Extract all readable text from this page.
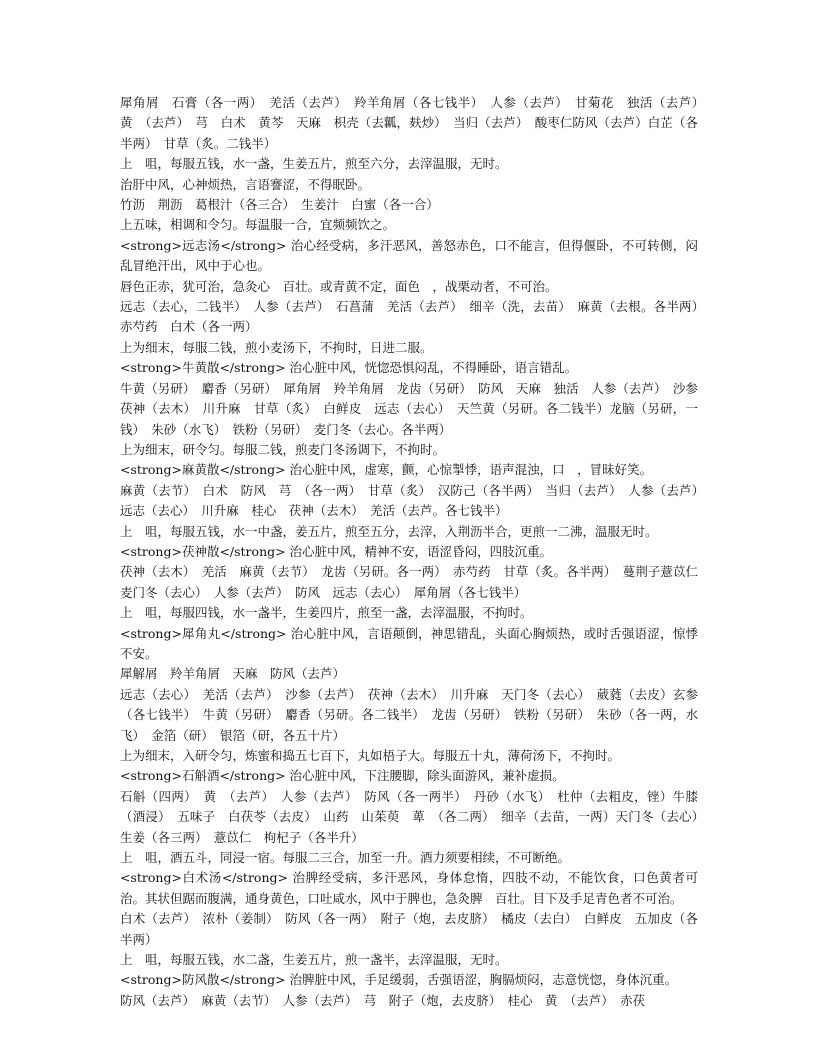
犀角屑　石膏（各一两）　羌活（去芦）　羚羊角屑（各七钱半）　人参（去芦）　甘菊花　独活（去芦）　黄　（去芦）　芎　白术　黄芩　天麻　枳壳（去瓤，麸炒）　当归（去芦）　酸枣仁防风（去芦）白芷（各半两）　甘草（炙。二钱半）

上　咀，每服五钱，水一盏，生姜五片，煎至六分，去滓温服，无时。

治肝中风，心神烦热，言语謇涩，不得眠卧。

竹沥　荆沥　葛根汁（各三合）　生姜汁　白蜜（各一合）

上五味，相调和令匀。每温服一合，宜频频饮之。

<strong>远志汤</strong> 治心经受病，多汗恶风，善怒赤色，口不能言，但得偃卧，不可转侧，闷乱冒绝汗出，风中于心也。

唇色正赤，犹可治，急灸心　百壮。或青黄不定，面色　，战栗动者，不可治。

远志（去心，二钱半）　人参（去芦）　石菖蒲　羌活（去芦）　细辛（洗，去苗）　麻黄（去根。各半两）　赤芍药　白术（各一两）

上为细末，每服二钱，煎小麦汤下，不拘时，日进二服。

<strong>牛黄散</strong> 治心脏中风，恍惚恐惧闷乱，不得睡卧，语言错乱。

牛黄（另研）　麝香（另研）　犀角屑　羚羊角屑　龙齿（另研）　防风　天麻　独活　人参（去芦）　沙参　茯神（去木）　川升麻　甘草（炙）　白鲜皮　远志（去心）　天竺黄（另研。各二钱半）龙脑（另研，一钱）　朱砂（水飞）　铁粉（另研）　麦门冬（去心。各半两）

上为细末，研令匀。每服二钱，煎麦门冬汤调下，不拘时。

<strong>麻黄散</strong> 治心脏中风，虚寒，颤，心惊掣悸，语声混浊，口　，冒昧好笑。

麻黄（去节）　白术　防风　芎　（各一两）　甘草（炙）　汉防己（各半两）　当归（去芦）　人参（去芦）　远志（去心）　川升麻　桂心　茯神（去木）　羌活（去芦。各七钱半）

上　咀，每服五钱，水一中盏，姜五片，煎至五分，去滓，入荆沥半合，更煎一二沸，温服无时。

<strong>茯神散</strong> 治心脏中风，精神不安，语涩昏闷，四肢沉重。

茯神（去木）　羌活　麻黄（去节）　龙齿（另研。各一两）　赤芍药　甘草（炙。各半两）　蔓荆子薏苡仁　麦门冬（去心）　人参（去芦）　防风　远志（去心）　犀角屑（各七钱半）

上　咀，每服四钱，水一盏半，生姜四片，煎至一盏，去滓温服，不拘时。

<strong>犀角丸</strong> 治心脏中风，言语颠倒，神思错乱，头面心胸烦热，或时舌强语涩，惊悸不安。

犀解屑　羚羊角屑　天麻　防风（去芦）

远志（去心）　羌活（去芦）　沙参（去芦）　茯神（去木）　川升麻　天门冬（去心）　葳蕤（去皮）玄参（各七钱半）　牛黄（另研）　麝香（另研。各二钱半）　龙齿（另研）　铁粉（另研）　朱砂（各一两，水飞）　金箔（研）　银箔（研，各五十片）

上为细末，入研令匀，炼蜜和捣五七百下，丸如梧子大。每服五十丸，薄荷汤下，不拘时。

<strong>石斛酒</strong> 治心脏中风，下注腰脚，除头面游风，兼补虚损。

石斛（四两）　黄　（去芦）　人参（去芦）　防风（各一两半）　丹砂（水飞）　杜仲（去粗皮，锉）牛膝（酒浸）　五味子　白茯苓（去皮）　山药　山茱萸　萆　（各二两）　细辛（去苗，一两）天门冬（去心）　生姜（各三两）　薏苡仁　枸杞子（各半升）

上　咀，酒五斗，同浸一宿。每服二三合，加至一升。酒力须要相续，不可断绝。

<strong>白术汤</strong> 治脾经受病，多汗恶风，身体怠惰，四肢不动，不能饮食，口色黄者可治。其状但踞而腹满，通身黄色，口吐咸水，风中于脾也，急灸脾　百壮。目下及手足青色者不可治。

白术（去芦）　浓朴（姜制）　防风（各一两）　附子（炮，去皮脐）　橘皮（去白）　白鲜皮　五加皮（各半两）

上　咀，每服五钱，水二盏，生姜五片，煎一盏半，去滓温服，无时。

<strong>防风散</strong> 治脾脏中风，手足缓弱，舌强语涩，胸膈烦闷，志意恍惚，身体沉重。

防风（去芦）　麻黄（去节）　人参（去芦）　芎　附子（炮，去皮脐）　桂心　黄　（去芦）　赤茯
